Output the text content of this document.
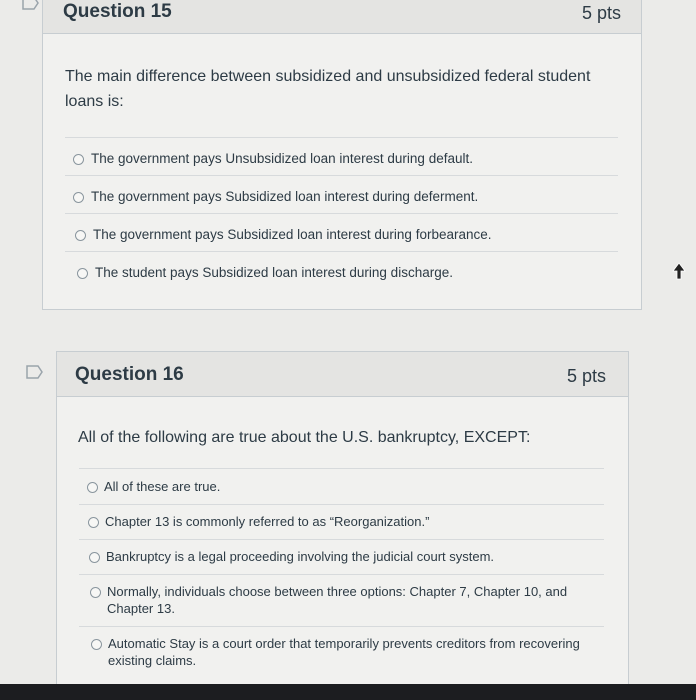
Question 15	5 pts
The main difference between subsidized and unsubsidized federal student loans is:
The government pays Unsubsidized loan interest during default.
The government pays Subsidized loan interest during deferment.
The government pays Subsidized loan interest during forbearance.
The student pays Subsidized loan interest during discharge.
Question 16	5 pts
All of the following are true about the U.S. bankruptcy, EXCEPT:
All of these are true.
Chapter 13 is commonly referred to as “Reorganization.”
Bankruptcy is a legal proceeding involving the judicial court system.
Normally, individuals choose between three options: Chapter 7, Chapter 10, and Chapter 13.
Automatic Stay is a court order that temporarily prevents creditors from recovering existing claims.
